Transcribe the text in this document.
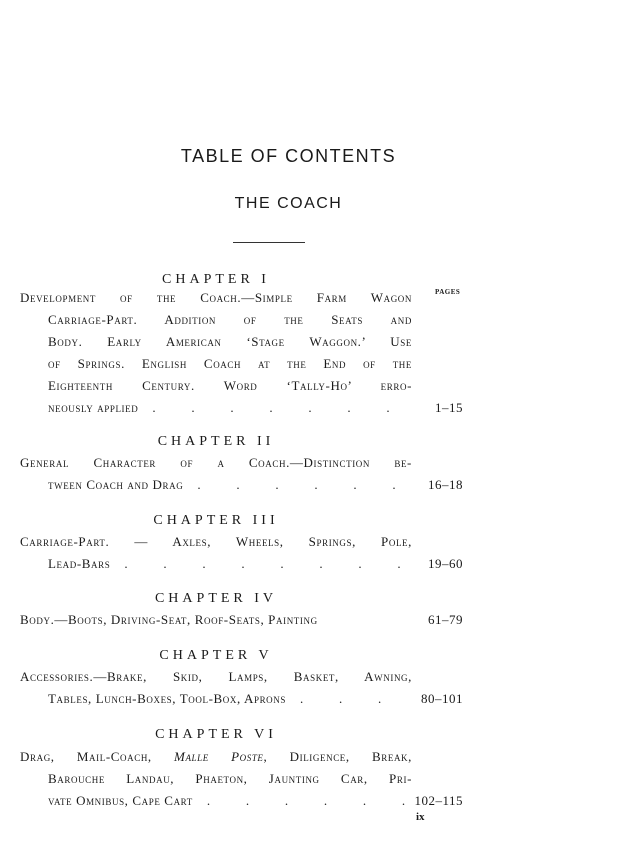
TABLE OF CONTENTS
THE COACH
PAGES
CHAPTER I
Development of the Coach.—Simple Farm Wagon
Carriage-Part. Addition of the Seats and
Body. Early American ‘Stage Waggon.’ Use
of Springs. English Coach at the End of the
Eighteenth Century. Word ‘Tally-Ho’ erro-
neously applied .	1–15
CHAPTER II
General Character of a Coach.—Distinction be-
tween Coach and Drag .	16–18
CHAPTER III
Carriage-Part. — Axles, Wheels, Springs, Pole,
Lead-Bars .	19–60
CHAPTER IV
Body.—Boots, Driving-Seat, Roof-Seats, Painting	61–79
CHAPTER V
Accessories.—Brake, Skid, Lamps, Basket, Awning,
Tables, Lunch-Boxes, Tool-Box, Aprons .	80–101
CHAPTER VI
Drag, Mail-Coach, Malle Poste, Diligence, Break,
Barouche Landau, Phaeton, Jaunting Car, Pri-
vate Omnibus, Cape Cart .	102–115
ix
